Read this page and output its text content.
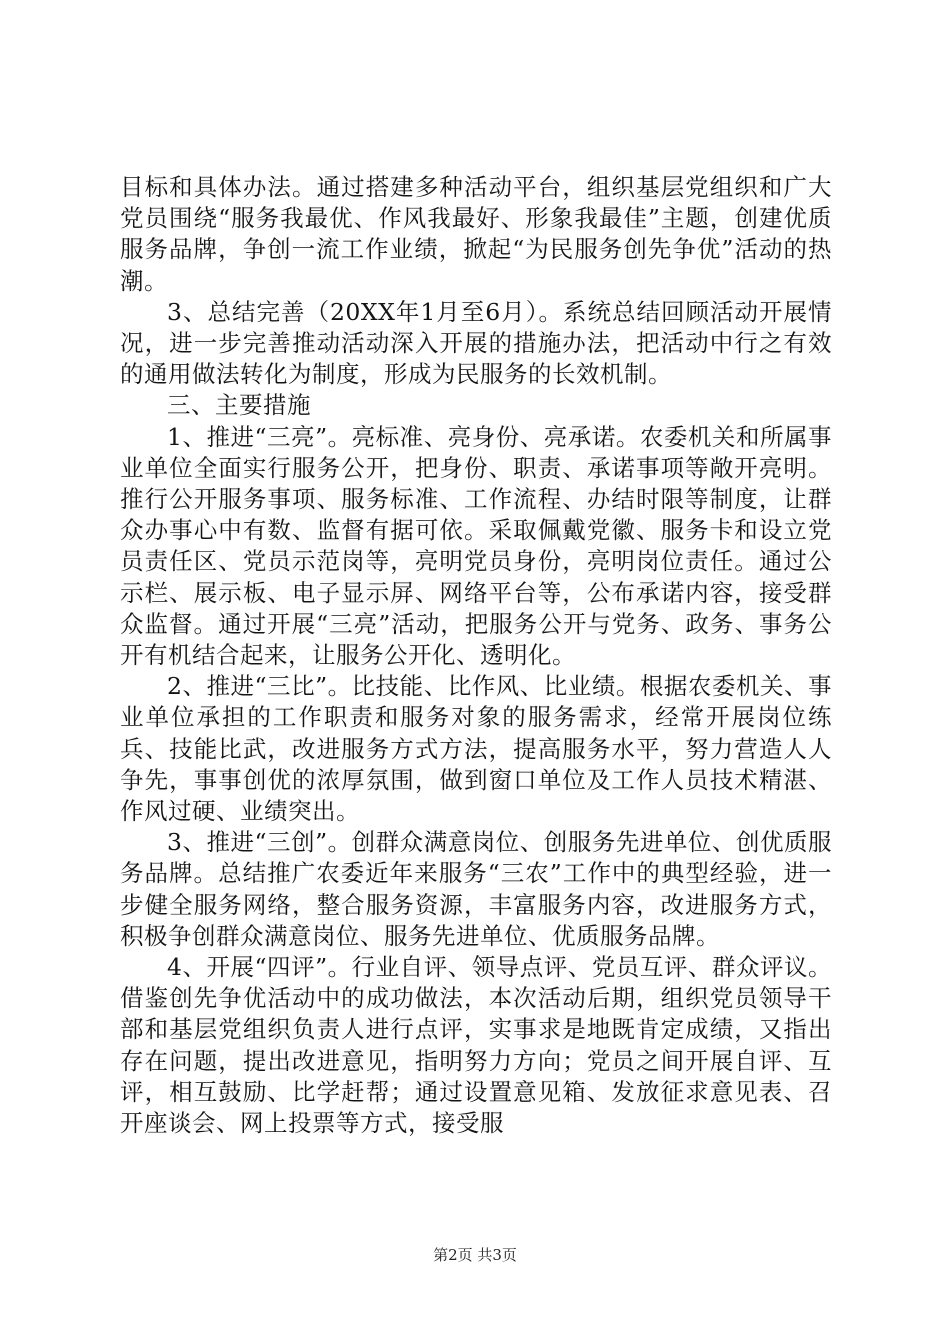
目标和具体办法。通过搭建多种活动平台，组织基层党组织和广大党员围绕“服务我最优、作风我最好、形象我最佳”主题，创建优质服务品牌，争创一流工作业绩，掀起“为民服务创先争优”活动的热潮。

3、总结完善（20XX年1月至6月）。系统总结回顾活动开展情况，进一步完善推动活动深入开展的措施办法，把活动中行之有效的通用做法转化为制度，形成为民服务的长效机制。

三、主要措施

1、推进“三亮”。亮标准、亮身份、亮承诺。农委机关和所属事业单位全面实行服务公开，把身份、职责、承诺事项等敞开亮明。推行公开服务事项、服务标准、工作流程、办结时限等制度，让群众办事心中有数、监督有据可依。采取佩戴党徽、服务卡和设立党员责任区、党员示范岗等，亮明党员身份，亮明岗位责任。通过公示栏、展示板、电子显示屏、网络平台等，公布承诺内容，接受群众监督。通过开展“三亮”活动，把服务公开与党务、政务、事务公开有机结合起来，让服务公开化、透明化。

2、推进“三比”。比技能、比作风、比业绩。根据农委机关、事业单位承担的工作职责和服务对象的服务需求，经常开展岗位练兵、技能比武，改进服务方式方法，提高服务水平，努力营造人人争先，事事创优的浓厚氛围，做到窗口单位及工作人员技术精湛、作风过硬、业绩突出。

3、推进“三创”。创群众满意岗位、创服务先进单位、创优质服务品牌。总结推广农委近年来服务“三农”工作中的典型经验，进一步健全服务网络，整合服务资源，丰富服务内容，改进服务方式，积极争创群众满意岗位、服务先进单位、优质服务品牌。

4、开展“四评”。行业自评、领导点评、党员互评、群众评议。借鉴创先争优活动中的成功做法，本次活动后期，组织党员领导干部和基层党组织负责人进行点评，实事求是地既肯定成绩，又指出存在问题，提出改进意见，指明努力方向；党员之间开展自评、互评，相互鼓励、比学赶帮；通过设置意见箱、发放征求意见表、召开座谈会、网上投票等方式，接受服

第2页 共3页
